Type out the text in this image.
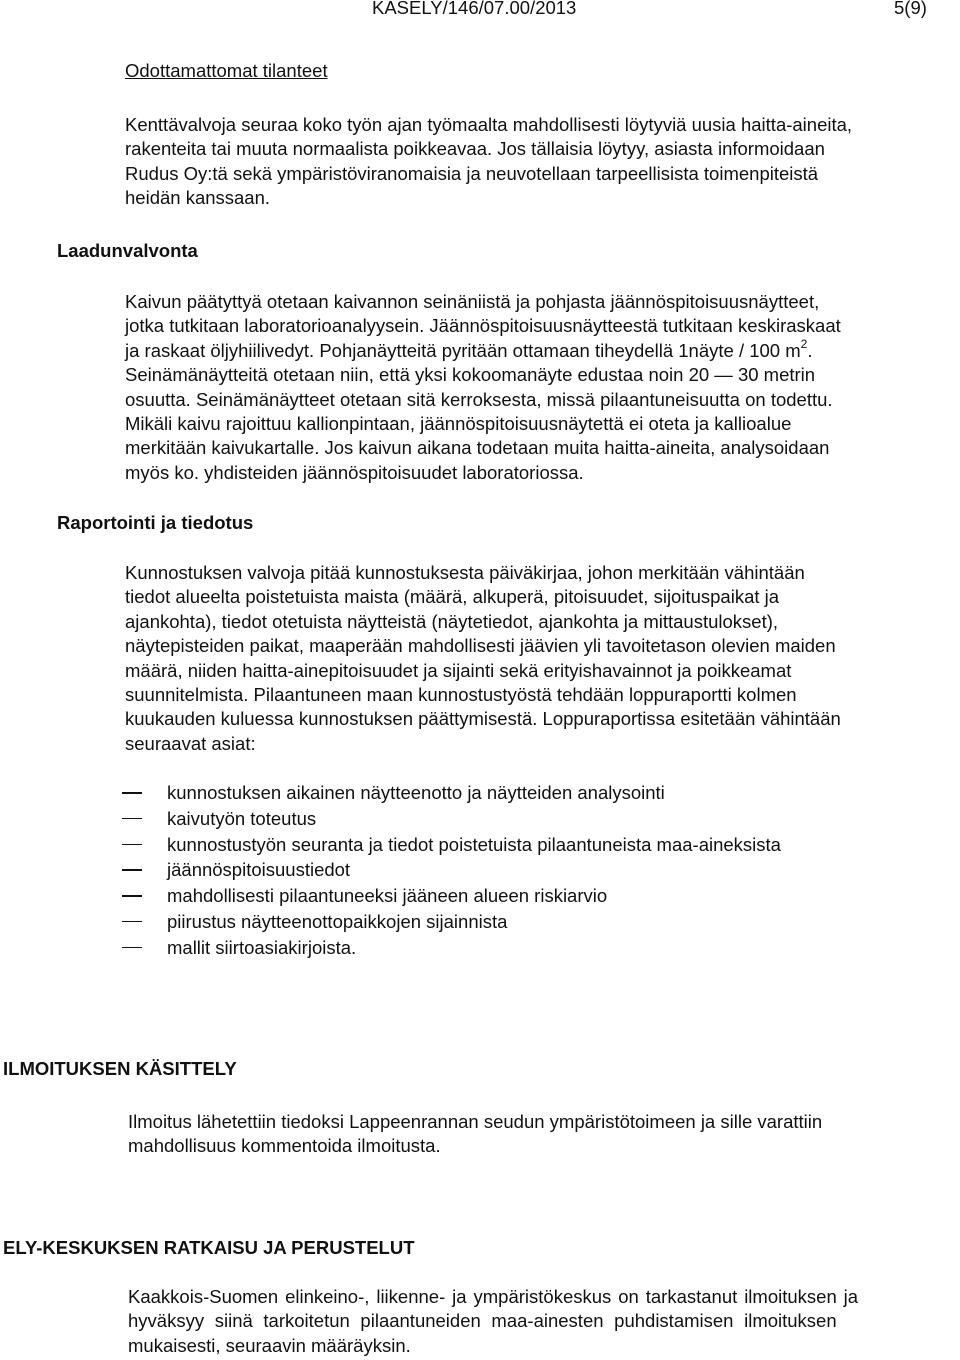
KASELY/146/07.00/2013	5(9)
Odottamattomat tilanteet
Kenttävalvoja seuraa koko työn ajan työmaalta mahdollisesti löytyviä uusia haitta-aineita,
rakenteita tai muuta normaalista poikkeavaa. Jos tällaisia löytyy, asiasta informoidaan
Rudus Oy:tä sekä ympäristöviranomaisia ja neuvotellaan tarpeellisista toimenpiteistä
heidän kanssaan.
Laadunvalvonta
Kaivun päätyttyä otetaan kaivannon seinäniistä ja pohjasta jäännöspitoisuusnäytteet,
jotka tutkitaan laboratorioanalyysein. Jäännöspitoisuusnäytteestä tutkitaan keskiraskaat
ja raskaat öljyhiilivedyt. Pohjanäytteitä pyritään ottamaan tiheydellä 1näyte / 100 m
Seinämänäytteitä otetaan niin, että yksi kokoomanäyte edustaa noin 20 — 30 metrin
osuutta. Seinämänäytteet otetaan sitä kerroksesta, missä pilaantuneisuutta on todettu.
Mikäli kaivu rajoittuu kallionpintaan, jäännöspitoisuusnäytettä ei oteta ja kallioalue
merkitään kaivukartalle. Jos kaivun aikana todetaan muita haitta-aineita, analysoidaan
myös ko. yhdisteiden jäännöspitoisuudet laboratoriossa.
$^2$.
Raportointi ja tiedotus
Kunnostuksen valvoja pitää kunnostuksesta päiväkirjaa, johon merkitään vähintään
tiedot alueelta poistetuista maista (määrä, alkuperä, pitoisuudet, sijoituspaikat ja
ajankohta), tiedot otetuista näytteistä (näytetiedot, ajankohta ja mittaustulokset),
näytepisteiden paikat, maaperään mahdollisesti jäävien yli tavoitetason olevien maiden
määrä, niiden haitta-ainepitoisuudet ja sijainti sekä erityishavainnot ja poikkeamat
suunnitelmista. Pilaantuneen maan kunnostustyöstä tehdään loppuraportti kolmen
kuukauden kuluessa kunnostuksen päättymisestä. Loppuraportissa esitetään vähintään
seuraavat asiat:
kunnostuksen aikainen näytteenotto ja näytteiden analysointi
kaivutyön toteutus
kunnostustyön seuranta ja tiedot poistetuista pilaantuneista maa-aineksista
jäännöspitoisuustiedot
mahdollisesti pilaantuneeksi jääneen alueen riskiarvio
piirustus näytteenottopaikkojen sijainnista
mallit siirtoasiakirjoista.
ILMOITUKSEN KÄSITTELY
Ilmoitus lähetettiin tiedoksi Lappeenrannan seudun ympäristötoimeen ja sille varattiin
mahdollisuus kommentoida ilmoitusta.
ELY-KESKUKSEN RATKAISU JA PERUSTELUT
Kaakkois-Suomen elinkeino-, liikenne- ja ympäristökeskus on tarkastanut ilmoituksen ja
hyväksyy siinä tarkoitetun pilaantuneiden maa-ainesten puhdistamisen ilmoituksen
mukaisesti, seuraavin määräyksin.
